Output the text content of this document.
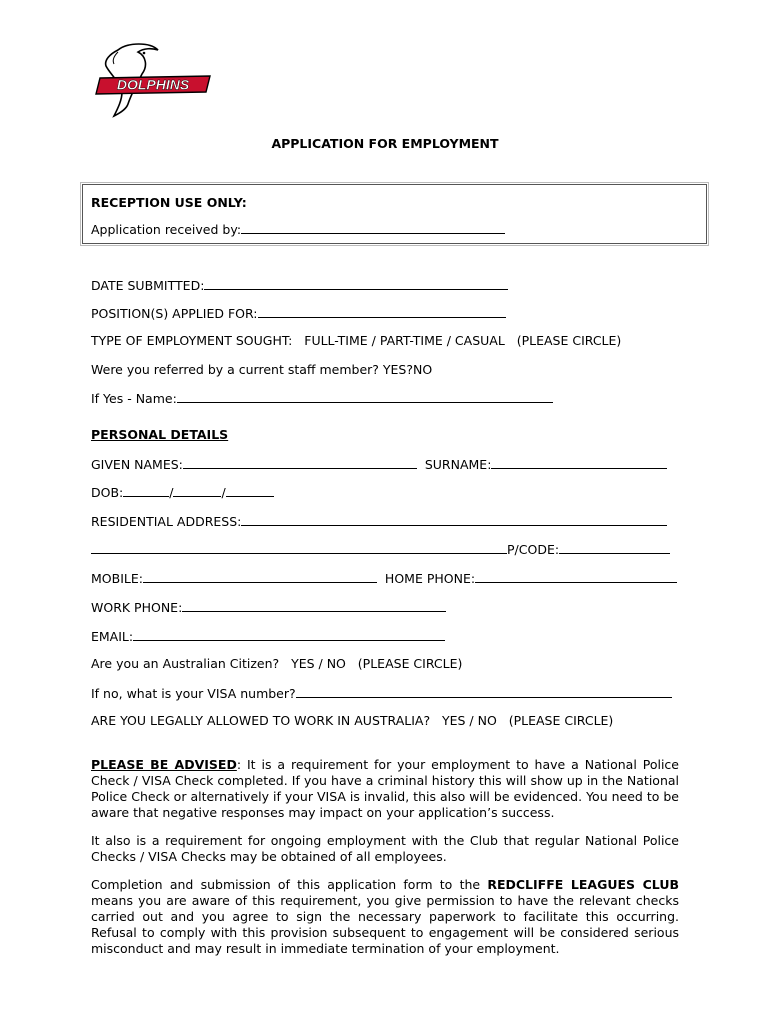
DOLPHINS
APPLICATION FOR EMPLOYMENT
RECEPTION USE ONLY:
Application received by:
DATE SUBMITTED:
POSITION(S) APPLIED FOR:
TYPE OF EMPLOYMENT SOUGHT:   FULL-TIME / PART-TIME / CASUAL   (PLEASE CIRCLE)
Were you referred by a current staff member? YES?NO
If Yes - Name:
PERSONAL DETAILS
GIVEN NAMES:	SURNAME:
DOB:	/	/
RESIDENTIAL ADDRESS:
P/CODE:
MOBILE:	HOME PHONE:
WORK PHONE:
EMAIL:
Are you an Australian Citizen?   YES / NO   (PLEASE CIRCLE)
If no, what is your VISA number?
ARE YOU LEGALLY ALLOWED TO WORK IN AUSTRALIA?   YES / NO   (PLEASE CIRCLE)
PLEASE BE ADVISED: It is a requirement for your employment to have a National Police Check / VISA Check completed. If you have a criminal history this will show up in the National Police Check or alternatively if your VISA is invalid, this also will be evidenced. You need to be aware that negative responses may impact on your application’s success.
It also is a requirement for ongoing employment with the Club that regular National Police Checks / VISA Checks may be obtained of all employees.
Completion and submission of this application form to the REDCLIFFE LEAGUES CLUB means you are aware of this requirement, you give permission to have the relevant checks carried out and you agree to sign the necessary paperwork to facilitate this occurring. Refusal to comply with this provision subsequent to engagement will be considered serious misconduct and may result in immediate termination of your employment.
